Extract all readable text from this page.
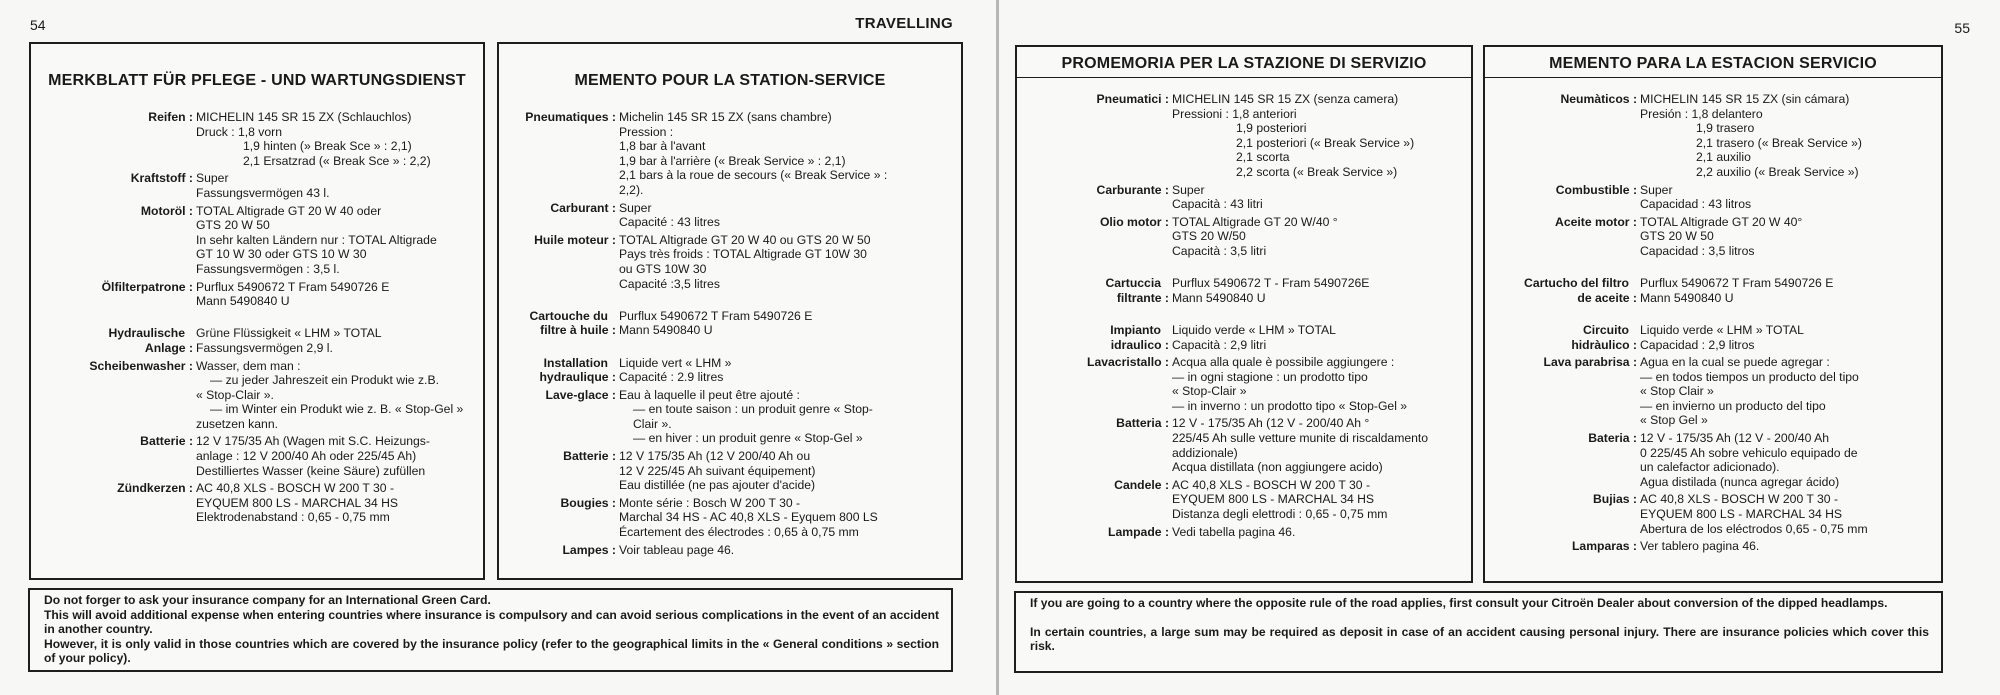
54	TRAVELLING
MERKBLATT FÜR PFLEGE - UND WARTUNGSDIENST
Reifen : MICHELIN 145 SR 15 ZX (Schlauchlos)
Druck : 1,8 vorn
1,9 hinten (» Break Sce » : 2,1)
2,1 Ersatzrad (« Break Sce » : 2,2)
Kraftstoff : Super
Fassungsvermögen 43 l.
Motoröl : TOTAL Altigrade GT 20 W 40 oder
GTS 20 W 50
In sehr kalten Ländern nur : TOTAL Altigrade
GT 10 W 30 oder GTS 10 W 30
Fassungsvermögen : 3,5 l.
Ölfilterpatrone : Purflux 5490672 T Fram 5490726 E
Mann 5490840 U
Hydraulische
Anlage :

Grüne Flüssigkeit « LHM » TOTAL
Fassungsvermögen 2,9 l.
Scheibenwasher : Wasser, dem man :
— zu jeder Jahreszeit ein Produkt wie z.B.
« Stop-Clair ».
— im Winter ein Produkt wie z. B. « Stop-Gel »
zusetzen kann.
Batterie : 12 V 175/35 Ah (Wagen mit S.C. Heizungs-
anlage : 12 V 200/40 Ah oder 225/45 Ah)
Destilliertes Wasser (keine Säure) zufüllen
Zündkerzen : AC 40,8 XLS - BOSCH W 200 T 30 -
EYQUEM 800 LS - MARCHAL 34 HS
Elektrodenabstand : 0,65 - 0,75 mm
MEMENTO POUR LA STATION-SERVICE
Pneumatiques : Michelin 145 SR 15 ZX (sans chambre)
Pression :
1,8 bar à l'avant
1,9 bar à l'arrière (« Break Service » : 2,1)
2,1 bars à la roue de secours (« Break Service » :
2,2).
Carburant : Super
Capacité : 43 litres
Huile moteur : TOTAL Altigrade GT 20 W 40 ou GTS 20 W 50
Pays très froids : TOTAL Altigrade GT 10W 30
ou GTS 10W 30
Capacité :3,5 litres
Cartouche du
filtre à huile :

Purflux 5490672 T Fram 5490726 E
Mann 5490840 U
Installation
hydraulique :

Liquide vert « LHM »
Capacité : 2.9 litres
Lave-glace : Eau à laquelle il peut être ajouté :
— en toute saison : un produit genre « Stop-
Clair ».
— en hiver : un produit genre « Stop-Gel »
Batterie : 12 V 175/35 Ah (12 V 200/40 Ah ou
12 V 225/45 Ah suivant équipement)
Eau distillée (ne pas ajouter d'acide)
Bougies : Monte série : Bosch W 200 T 30 -
Marchal 34 HS - AC 40,8 XLS - Eyquem 800 LS
Écartement des électrodes : 0,65 à 0,75 mm
Lampes : Voir tableau page 46.

Do not forger to ask your insurance company for an International Green Card.

This will avoid additional expense when entering countries where insurance is compulsory and can avoid serious complications in the event of an accident in another country.

However, it is only valid in those countries which are covered by the insurance policy (refer to the geographical limits in the « General conditions » section of your policy).

55
PROMEMORIA PER LA STAZIONE DI SERVIZIO
Pneumatici : MICHELIN 145 SR 15 ZX (senza camera)
Pressioni : 1,8 anteriori
1,9 posteriori
2,1 posteriori (« Break Service »)
2,1 scorta
2,2 scorta (« Break Service »)
Carburante : Super
Capacità : 43 litri
Olio motor : TOTAL Altigrade GT 20 W/40 °
GTS 20 W/50
Capacità : 3,5 litri
Cartuccia
filtrante :

Purflux 5490672 T - Fram 5490726E
Mann 5490840 U
Impianto
idraulico :

Liquido verde « LHM » TOTAL
Capacità : 2,9 litri
Lavacristallo : Acqua alla quale è possibile aggiungere :
— in ogni stagione : un prodotto tipo
« Stop-Clair »
— in inverno : un prodotto tipo « Stop-Gel »
Batteria : 12 V - 175/35 Ah (12 V - 200/40 Ah °
225/45 Ah sulle vetture munite di riscaldamento
addizionale)
Acqua distillata (non aggiungere acido)
Candele : AC 40,8 XLS - BOSCH W 200 T 30 -
EYQUEM 800 LS - MARCHAL 34 HS
Distanza degli elettrodi : 0,65 - 0,75 mm
Lampade : Vedi tabella pagina 46.
MEMENTO PARA LA ESTACION SERVICIO
Neumàticos : MICHELIN 145 SR 15 ZX (sin cámara)
Presión : 1,8 delantero
1,9 trasero
2,1 trasero (« Break Service »)
2,1 auxilio
2,2 auxilio (« Break Service »)
Combustible : Super
Capacidad : 43 litros
Aceite motor : TOTAL Altigrade GT 20 W 40°
GTS 20 W 50
Capacidad : 3,5 litros
Cartucho del filtro
de aceite :

Purflux 5490672 T Fram 5490726 E
Mann 5490840 U
Circuito
hidràulico :

Liquido verde « LHM » TOTAL
Capacidad : 2,9 litros
Lava parabrisa : Agua en la cual se puede agregar :
— en todos tiempos un producto del tipo
« Stop Clair »
— en invierno un producto del tipo
« Stop Gel »
Bateria : 12 V - 175/35 Ah (12 V - 200/40 Ah
0 225/45 Ah sobre vehiculo equipado de
un calefactor adicionado).
Agua distilada (nunca agregar ácido)
Bujias : AC 40,8 XLS - BOSCH W 200 T 30 -
EYQUEM 800 LS - MARCHAL 34 HS
Abertura de los eléctrodos 0,65 - 0,75 mm
Lamparas : Ver tablero pagina 46.

If you are going to a country where the opposite rule of the road applies, first consult your Citroën Dealer about conversion of the dipped headlamps.

In certain countries, a large sum may be required as deposit in case of an accident causing personal injury. There are insurance policies which cover this risk.
